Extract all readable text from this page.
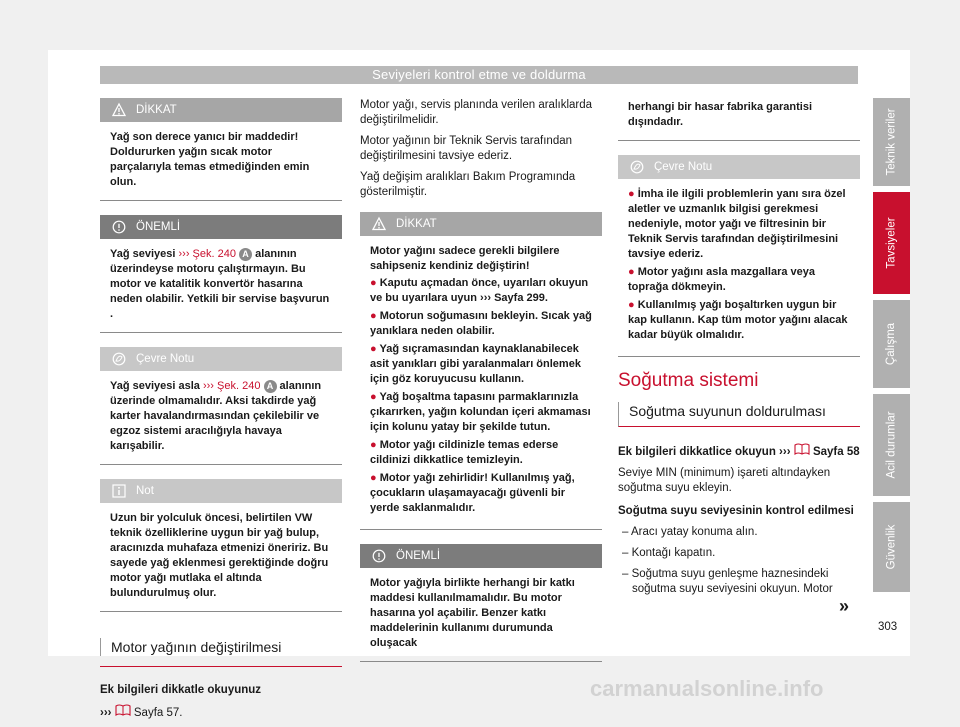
Seviyeleri kontrol etme ve doldurma
DİKKAT
Yağ son derece yanıcı bir maddedir! Doldururken yağın sıcak motor parçalarıyla temas etmediğinden emin olun.
ÖNEMLİ
Yağ seviyesi ››› Şek. 240 A alanının üzerindeyse motoru çalıştırmayın. Bu motor ve katalitik konvertör hasarına neden olabilir. Yetkili bir servise başvurun .
Çevre Notu
Yağ seviyesi asla ››› Şek. 240 A alanının üzerinde olmamalıdır. Aksi takdirde yağ karter havalandırmasından çekilebilir ve egzoz sistemi aracılığıyla havaya karışabilir.
Not
Uzun bir yolculuk öncesi, belirtilen VW teknik özelliklerine uygun bir yağ bulup, aracınızda muhafaza etmenizi öneririz. Bu sayede yağ eklenmesi gerektiğinde doğru motor yağı mutlaka el altında bulundurulmuş olur.
Motor yağının değiştirilmesi

Ek bilgileri dikkatle okuyunuz

›››  Sayfa 57.

Motor yağı, servis planında verilen aralıklarda değiştirilmelidir.

Motor yağının bir Teknik Servis tarafından değiştirilmesini tavsiye ederiz.

Yağ değişim aralıkları Bakım Programında gösterilmiştir.

DİKKAT

Motor yağını sadece gerekli bilgilere sahipseniz kendiniz değiştirin!

● Kaputu açmadan önce, uyarıları okuyun ve bu uyarılara uyun ››› Sayfa 299.

● Motorun soğumasını bekleyin. Sıcak yağ yanıklara neden olabilir.

● Yağ sıçramasından kaynaklanabilecek asit yanıkları gibi yaralanmaları önlemek için göz koruyucusu kullanın.

● Yağ boşaltma tapasını parmaklarınızla çıkarırken, yağın kolundan içeri akmaması için kolunu yatay bir şekilde tutun.

● Motor yağı cildinizle temas ederse cildinizi dikkatlice temizleyin.

● Motor yağı zehirlidir! Kullanılmış yağ, çocukların ulaşamayacağı güvenli bir yerde saklanmalıdır.

ÖNEMLİ
Motor yağıyla birlikte herhangi bir katkı maddesi kullanılmamalıdır. Bu motor hasarına yol açabilir. Benzer katkı maddelerinin kullanımı durumunda oluşacak
herhangi bir hasar fabrika garantisi dışındadır.
Çevre Notu

● İmha ile ilgili problemlerin yanı sıra özel aletler ve uzmanlık bilgisi gerekmesi nedeniyle, motor yağı ve filtresinin bir Teknik Servis tarafından değiştirilmesini tavsiye ederiz.

● Motor yağını asla mazgallara veya toprağa dökmeyin.

● Kullanılmış yağı boşaltırken uygun bir kap kullanın. Kap tüm motor yağını alacak kadar büyük olmalıdır.

Soğutma sistemi
Soğutma suyunun doldurulması

Ek bilgileri dikkatlice okuyun ›››  Sayfa 58

Seviye MIN (minimum) işareti altındayken soğutma suyu ekleyin.

Soğutma suyu seviyesinin kontrol edilmesi

– Aracı yatay konuma alın.

– Kontağı kapatın.

– Soğutma suyu genleşme haznesindeki soğutma suyu seviyesini okuyun. Motor

Teknik veriler
Tavsiyeler
Çalışma
Acil durumlar
Güvenlik
»
303
carmanualsonline.info
